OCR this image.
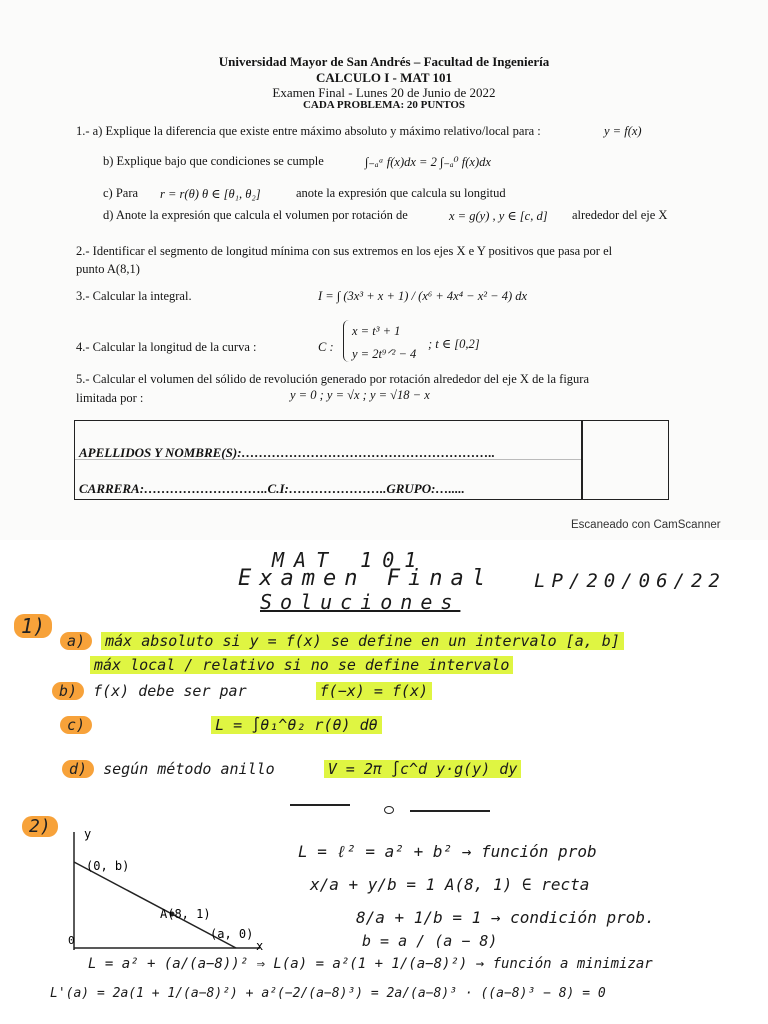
Universidad Mayor de San Andrés – Facultad de Ingeniería
CALCULO I - MAT 101
Examen Final - Lunes 20 de Junio de 2022
CADA PROBLEMA: 20 PUNTOS
1.- a) Explique la diferencia que existe entre máximo absoluto y máximo relativo/local para :	y = f(x)
b) Explique bajo que condiciones se cumple	∫₋ₐᵃ f(x)dx = 2 ∫₋ₐ⁰ f(x)dx
c) Para r = r(θ) θ ∈ [θ₁, θ₂]	anote la expresión que calcula su longitud
d) Anote la expresión que calcula el volumen por rotación de	x = g(y) , y ∈ [c, d] alrededor del eje X
2.- Identificar el segmento de longitud mínima con sus extremos en los ejes X e Y positivos que pasa por el
punto A(8,1)
3.- Calcular la integral.	I = ∫ (3x³ + x + 1) / (x⁶ + 4x⁴ − x² − 4) dx
4.- Calcular la longitud de la curva :	C :
x = t³ + 1
y = 2t⁹ᐟ² − 4
; t ∈ [0,2]
5.- Calcular el volumen del sólido de revolución generado por rotación alrededor del eje X de la figura
limitada por :	y = 0 ; y = √x ; y = √18 − x
APELLIDOS Y NOMBRE(S):…………………………………………………..
CARRERA:………………………..C.I:…………………..GRUPO:….....
Escaneado con CamScanner
MAT 101
Examen Final
Soluciones
LP/20/06/22
1)
a) máx absoluto si y = f(x) se define en un intervalo [a, b]
máx local / relativo si no se define intervalo
b) f(x) debe ser par	f(−x) = f(x)
c)	L = ∫θ₁^θ₂ r(θ) dθ
d) según método anillo	V = 2π ∫c^d y·g(y) dy
2)	y
x
(0, b)
A(8, 1)
(a, 0)
0
L = ℓ² = a² + b² → función prob
x/a + y/b = 1 A(8, 1) ∈ recta
8/a + 1/b = 1 → condición prob.
b = a / (a − 8)
L = a² + (a/(a−8))² ⇒ L(a) = a²(1 + 1/(a−8)²) → función a minimizar
L'(a) = 2a(1 + 1/(a−8)²) + a²(−2/(a−8)³) = 2a/(a−8)³ · ((a−8)³ − 8) = 0
